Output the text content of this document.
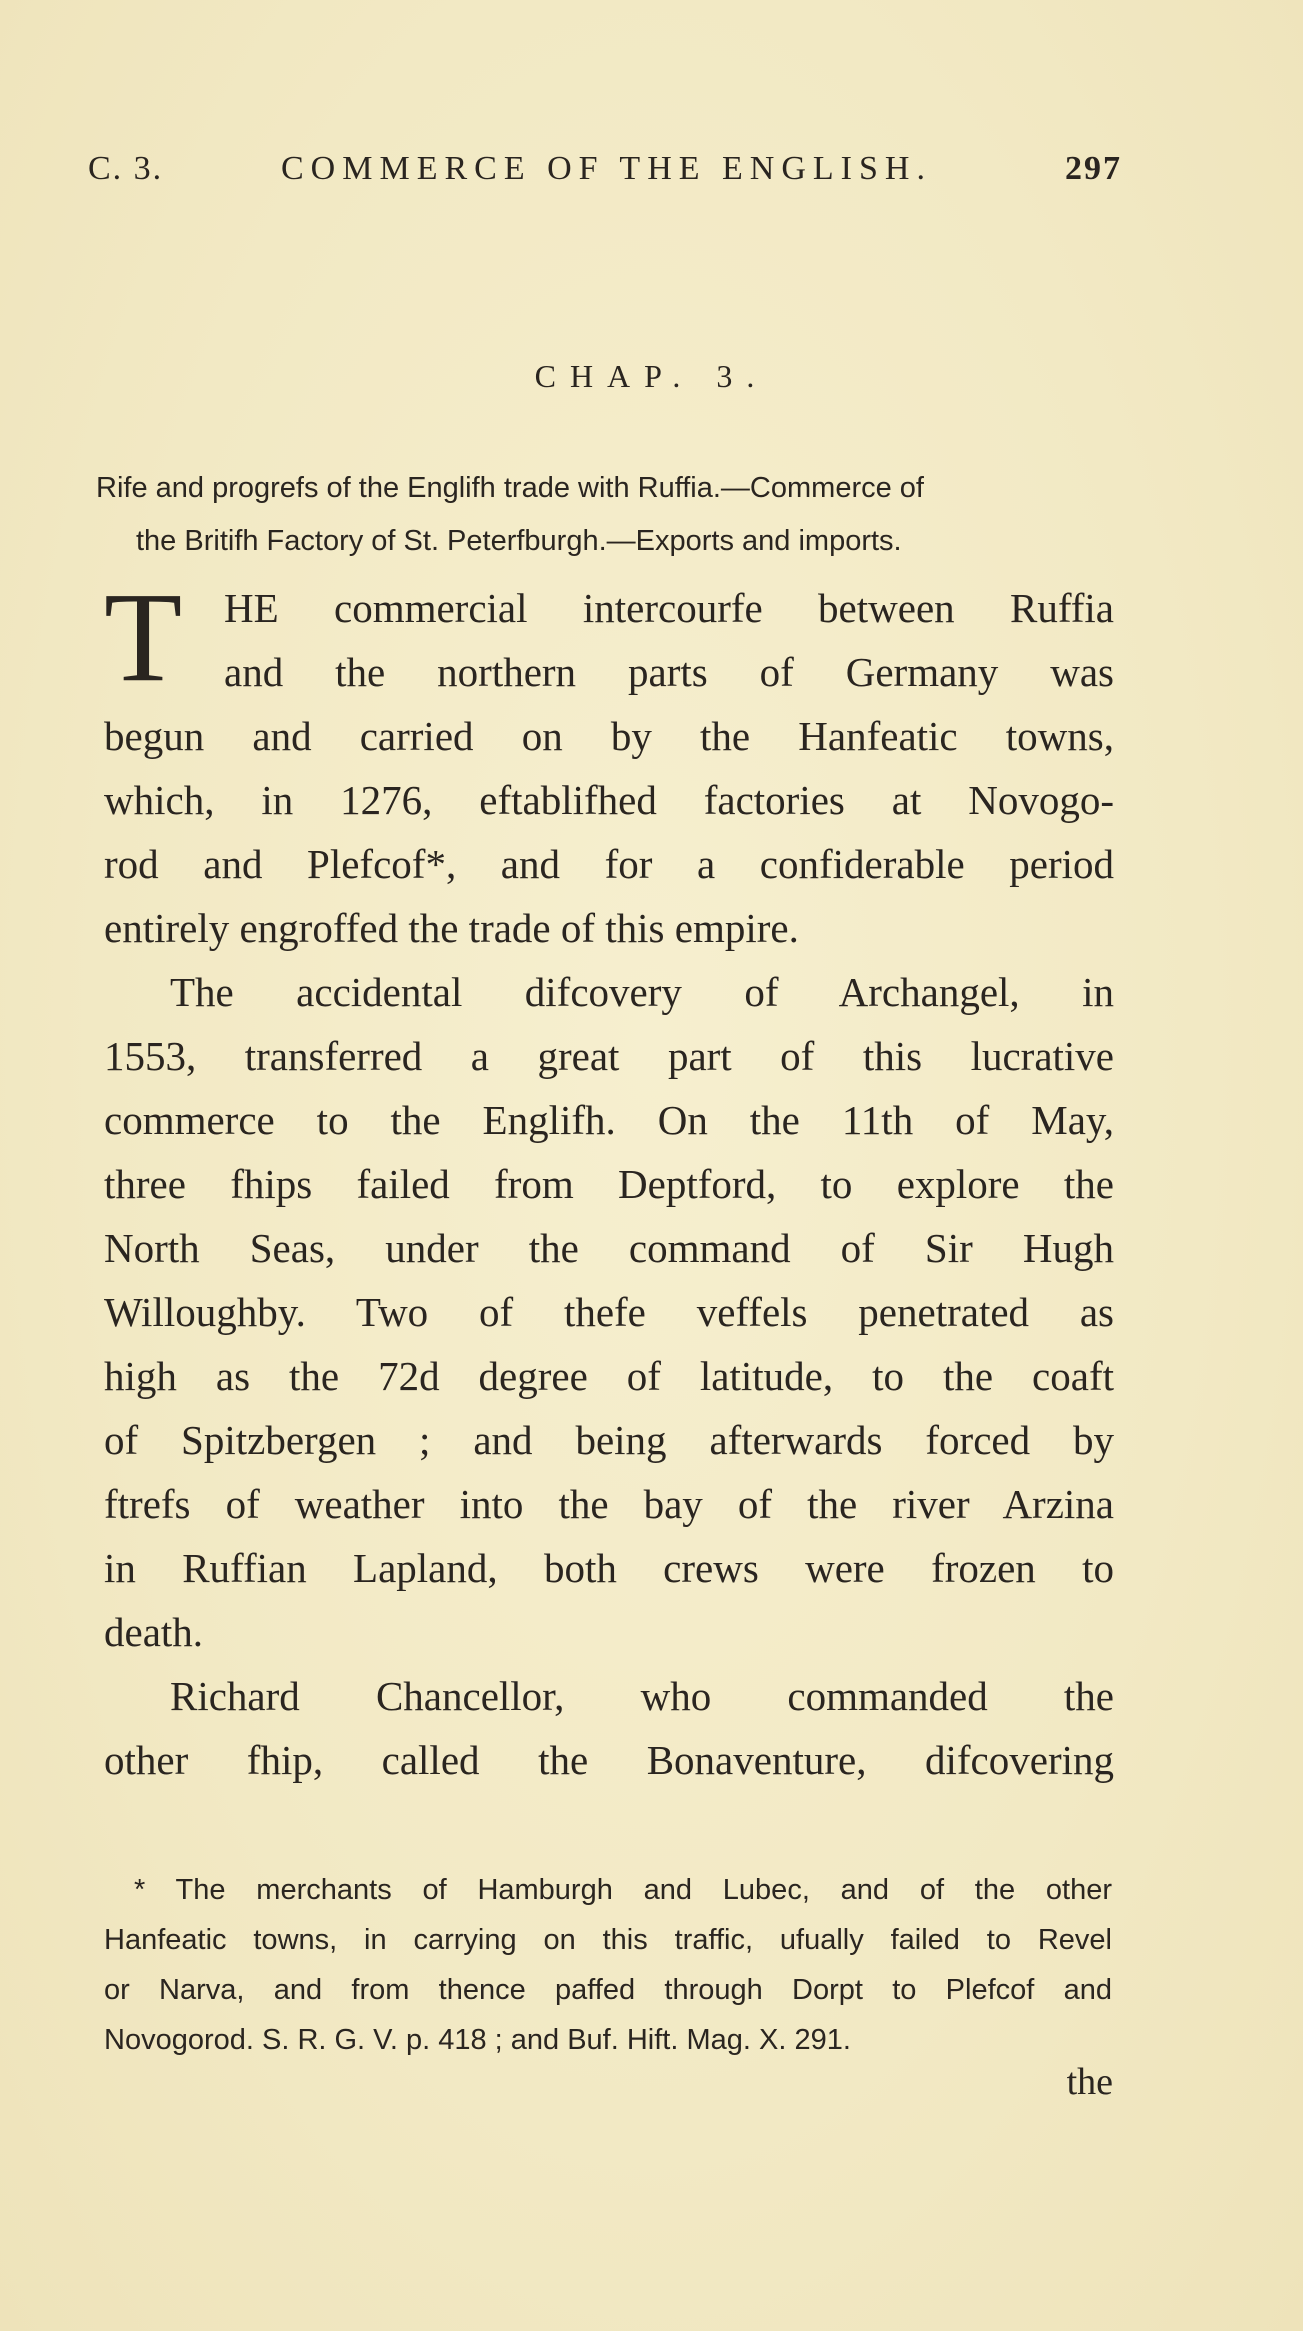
C. 3.	COMMERCE OF THE ENGLISH.	297
CHAP. 3.
Rife and progrefs of the Englifh trade with Ruffia.—Commerce of
the Britifh Factory of St. Peterfburgh.—Exports and imports.
T	HE commercial intercourfe between Ruffia
and the northern parts of Germany was
begun and carried on by the Hanfeatic towns,
which, in 1276, eftablifhed factories at Novogo-
rod and Plefcof*, and for a confiderable period
entirely engroffed the trade of this empire.
The accidental difcovery of Archangel, in
1553, transferred a great part of this lucrative
commerce to the Englifh. On the 11th of May,
three fhips failed from Deptford, to explore the
North Seas, under the command of Sir Hugh
Willoughby. Two of thefe veffels penetrated as
high as the 72d degree of latitude, to the coaft
of Spitzbergen ; and being afterwards forced by
ftrefs of weather into the bay of the river Arzina
in Ruffian Lapland, both crews were frozen to
death.
Richard Chancellor, who commanded the
other fhip, called the Bonaventure, difcovering
* The merchants of Hamburgh and Lubec, and of the other
Hanfeatic towns, in carrying on this traffic, ufually failed to Revel
or Narva, and from thence paffed through Dorpt to Plefcof and
Novogorod. S. R. G. V. p. 418 ; and Buf. Hift. Mag. X. 291.
the
